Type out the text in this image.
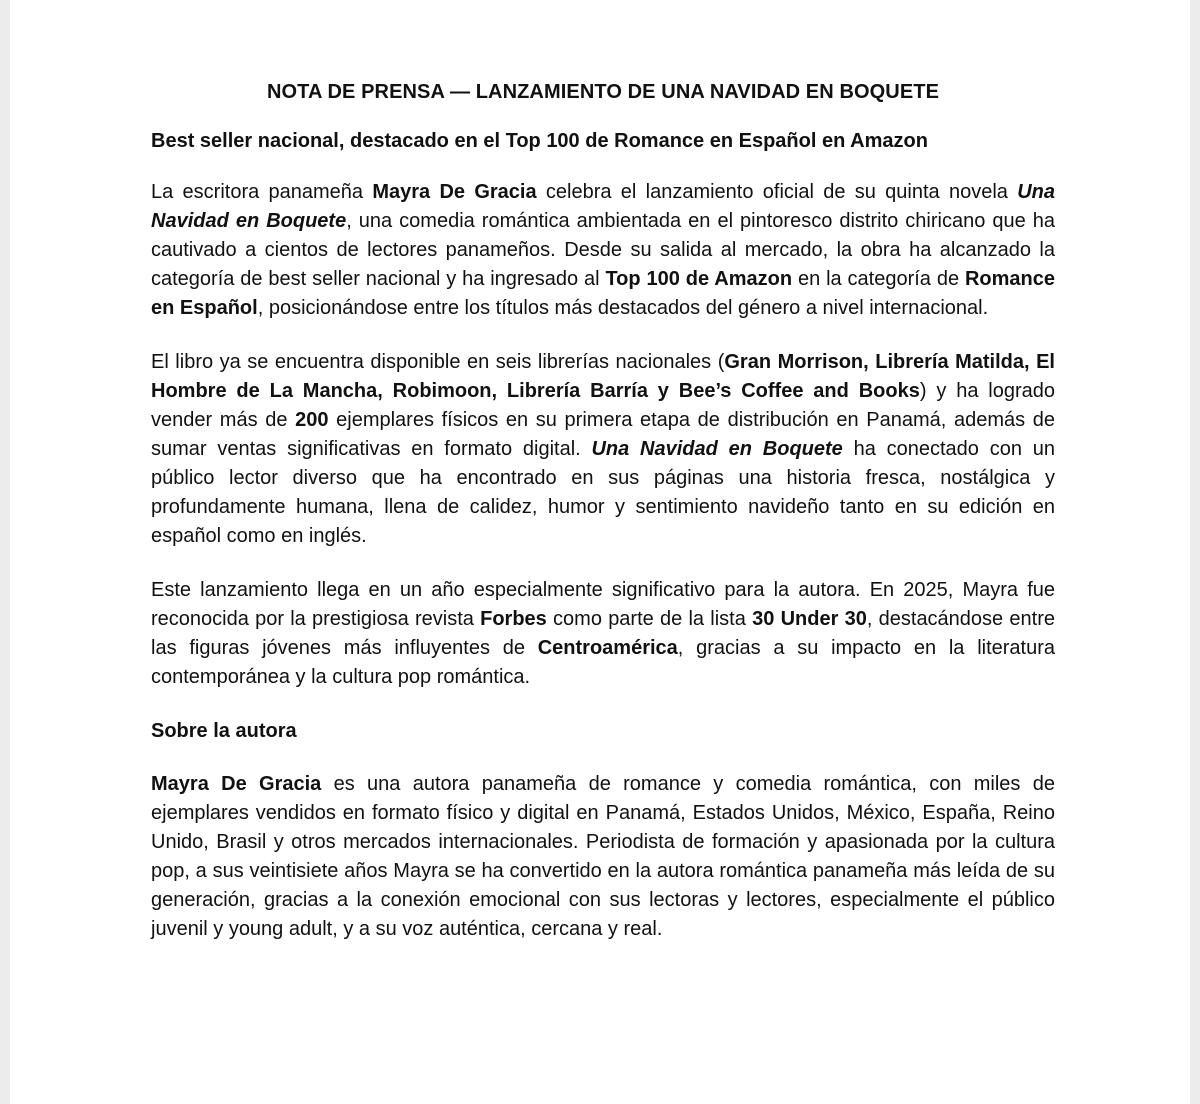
NOTA DE PRENSA — LANZAMIENTO DE UNA NAVIDAD EN BOQUETE
Best seller nacional, destacado en el Top 100 de Romance en Español en Amazon

La escritora panameña Mayra De Gracia celebra el lanzamiento oficial de su quinta novela Una Navidad en Boquete, una comedia romántica ambientada en el pintoresco distrito chiricano que ha cautivado a cientos de lectores panameños. Desde su salida al mercado, la obra ha alcanzado la categoría de best seller nacional y ha ingresado al Top 100 de Amazon en la categoría de Romance en Español, posicionándose entre los títulos más destacados del género a nivel internacional.

El libro ya se encuentra disponible en seis librerías nacionales (Gran Morrison, Librería Matilda, El Hombre de La Mancha, Robimoon, Librería Barría y Bee’s Coffee and Books) y ha logrado vender más de 200 ejemplares físicos en su primera etapa de distribución en Panamá, además de sumar ventas significativas en formato digital. Una Navidad en Boquete ha conectado con un público lector diverso que ha encontrado en sus páginas una historia fresca, nostálgica y profundamente humana, llena de calidez, humor y sentimiento navideño tanto en su edición en español como en inglés.

Este lanzamiento llega en un año especialmente significativo para la autora. En 2025, Mayra fue reconocida por la prestigiosa revista Forbes como parte de la lista 30 Under 30, destacándose entre las figuras jóvenes más influyentes de Centroamérica, gracias a su impacto en la literatura contemporánea y la cultura pop romántica.

Sobre la autora

Mayra De Gracia es una autora panameña de romance y comedia romántica, con miles de ejemplares vendidos en formato físico y digital en Panamá, Estados Unidos, México, España, Reino Unido, Brasil y otros mercados internacionales. Periodista de formación y apasionada por la cultura pop, a sus veintisiete años Mayra se ha convertido en la autora romántica panameña más leída de su generación, gracias a la conexión emocional con sus lectoras y lectores, especialmente el público juvenil y young adult, y a su voz auténtica, cercana y real.
